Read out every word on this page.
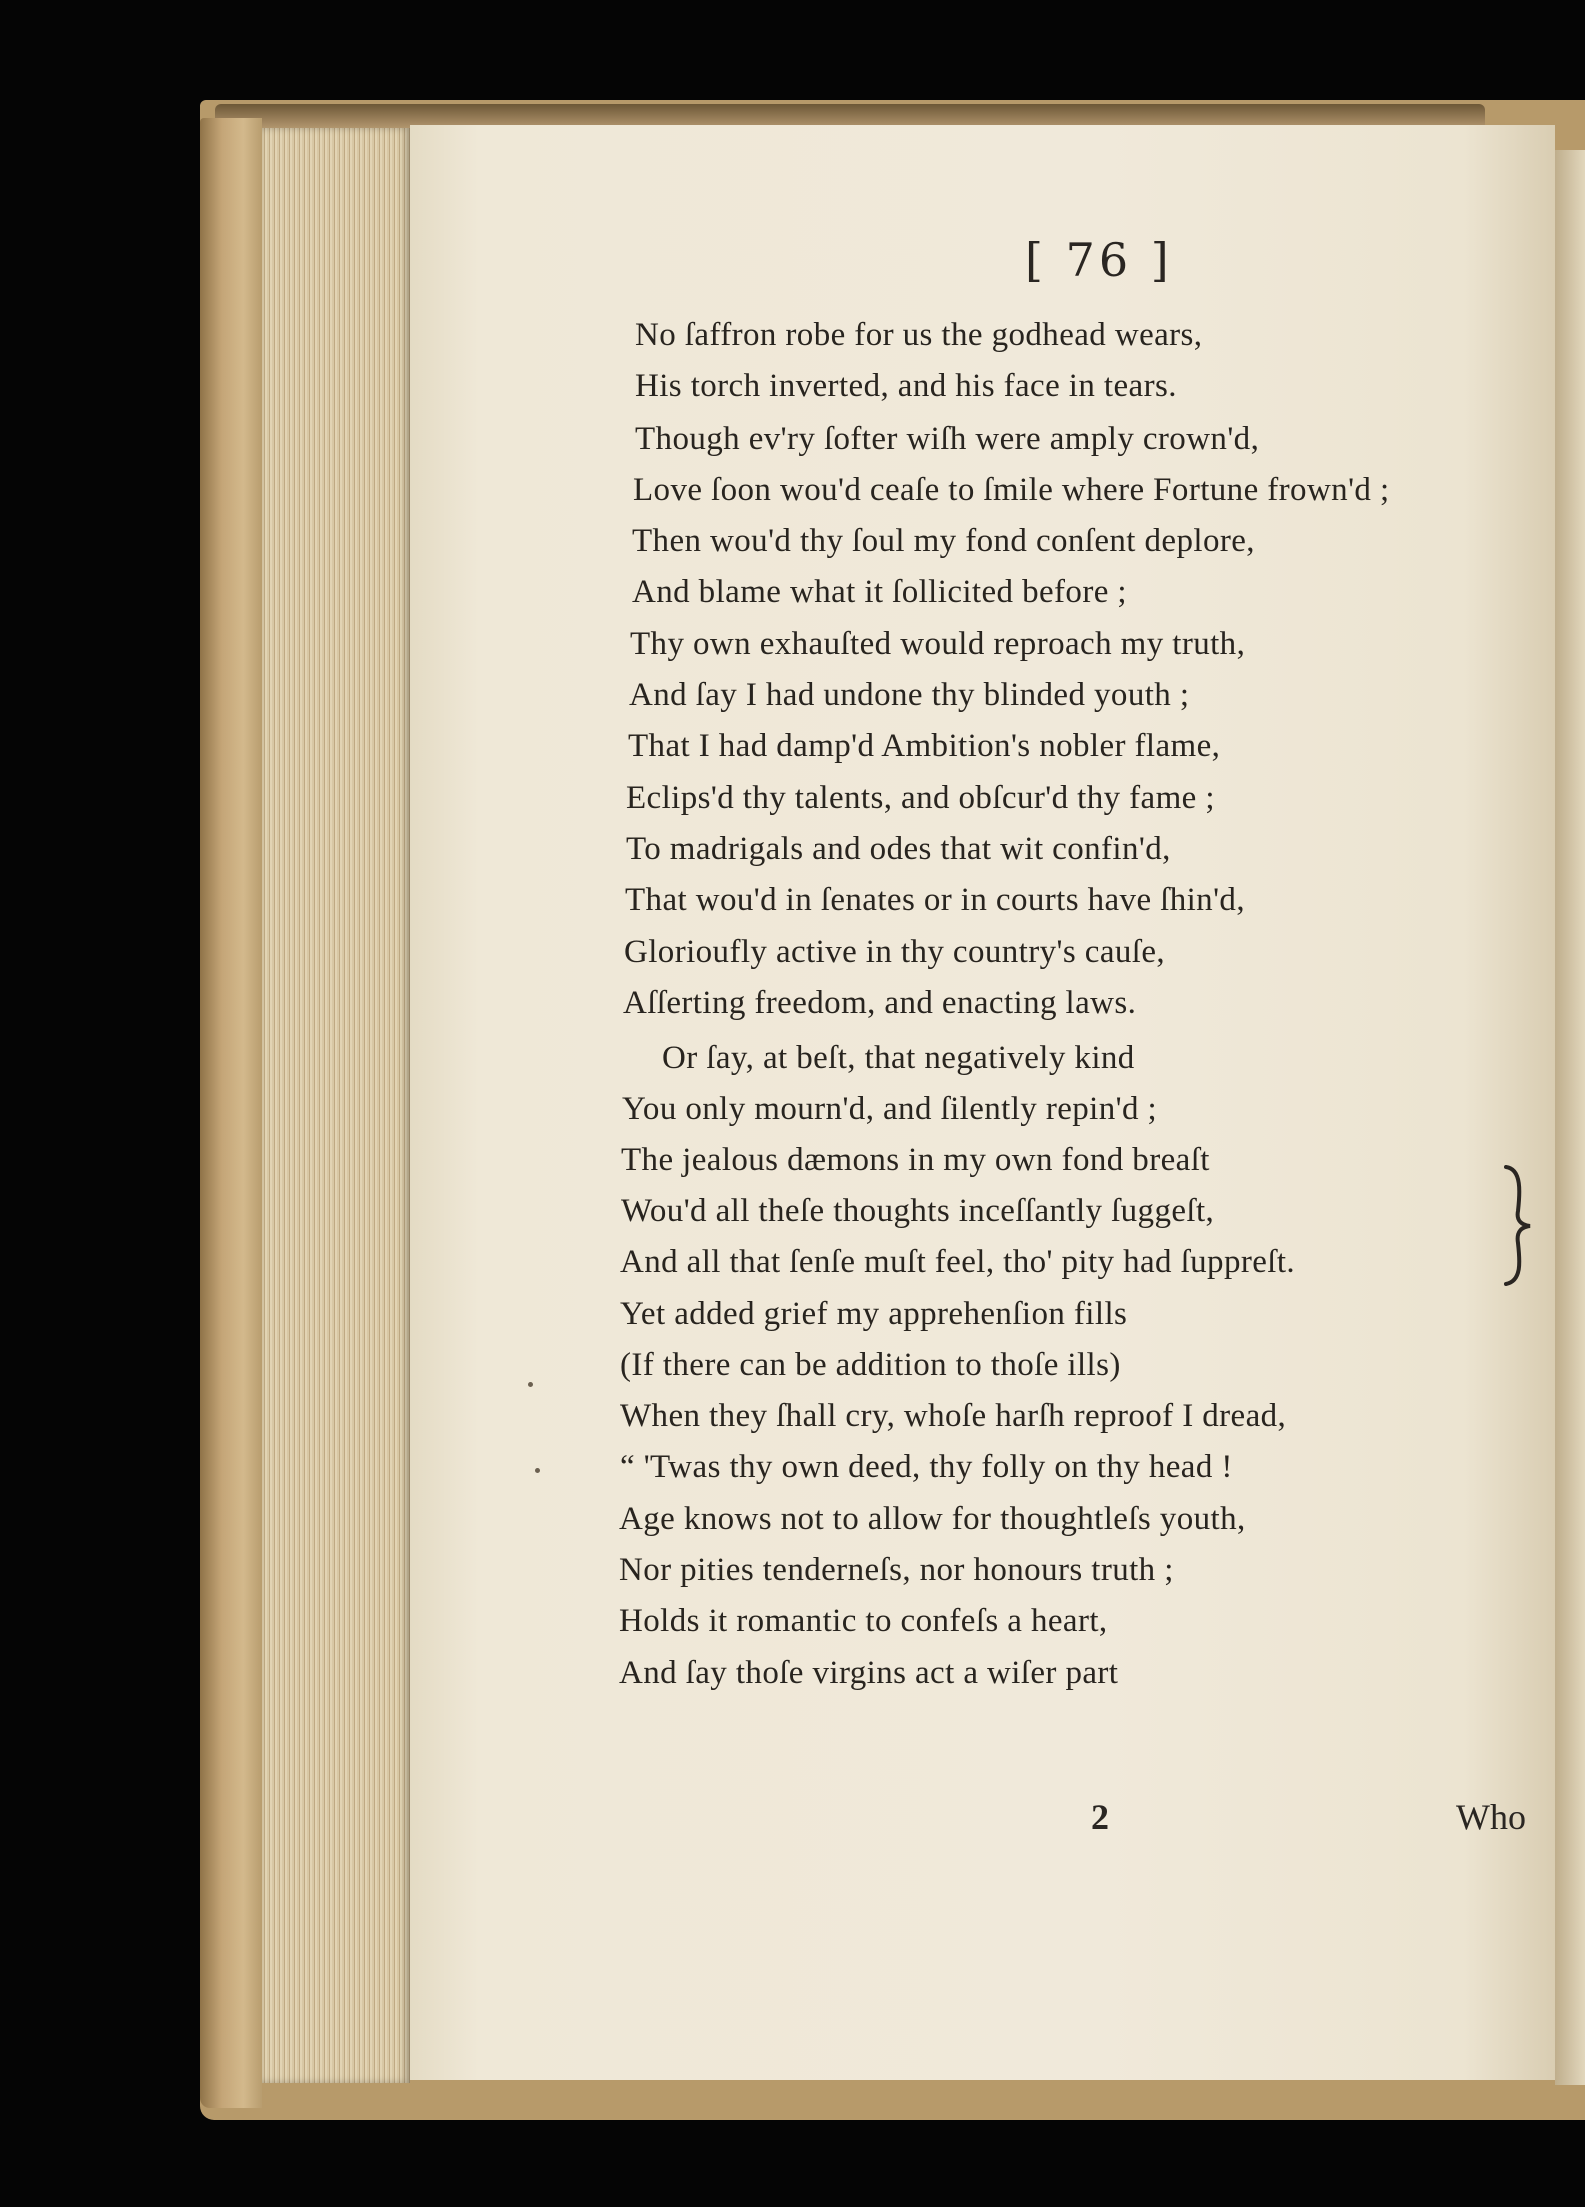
[ 76 ]
No ſaffron robe for us the godhead wears,
His torch inverted, and his face in tears.
Though ev'ry ſofter wiſh were amply crown'd,
Love ſoon wou'd ceaſe to ſmile where Fortune frown'd ;
Then wou'd thy ſoul my fond conſent deplore,
And blame what it ſollicited before ;
Thy own exhauſted would reproach my truth,
And ſay I had undone thy blinded youth ;
That I had damp'd Ambition's nobler flame,
Eclips'd thy talents, and obſcur'd thy fame ;
To madrigals and odes that wit confin'd,
That wou'd in ſenates or in courts have ſhin'd,
Glorioufly active in thy country's cauſe,
Aſſerting freedom, and enacting laws.
Or ſay, at beſt, that negatively kind
You only mourn'd, and ſilently repin'd ;
The jealous dæmons in my own fond breaſt
Wou'd all theſe thoughts inceſſantly ſuggeſt,
And all that ſenſe muſt feel, tho' pity had ſuppreſt.
Yet added grief my apprehenſion fills
(If there can be addition to thoſe ills)
When they ſhall cry, whoſe harſh reproof I dread,
“ 'Twas thy own deed, thy folly on thy head !
Age knows not to allow for thoughtleſs youth,
Nor pities tenderneſs, nor honours truth ;
Holds it romantic to confeſs a heart,
And ſay thoſe virgins act a wiſer part
2	Who
